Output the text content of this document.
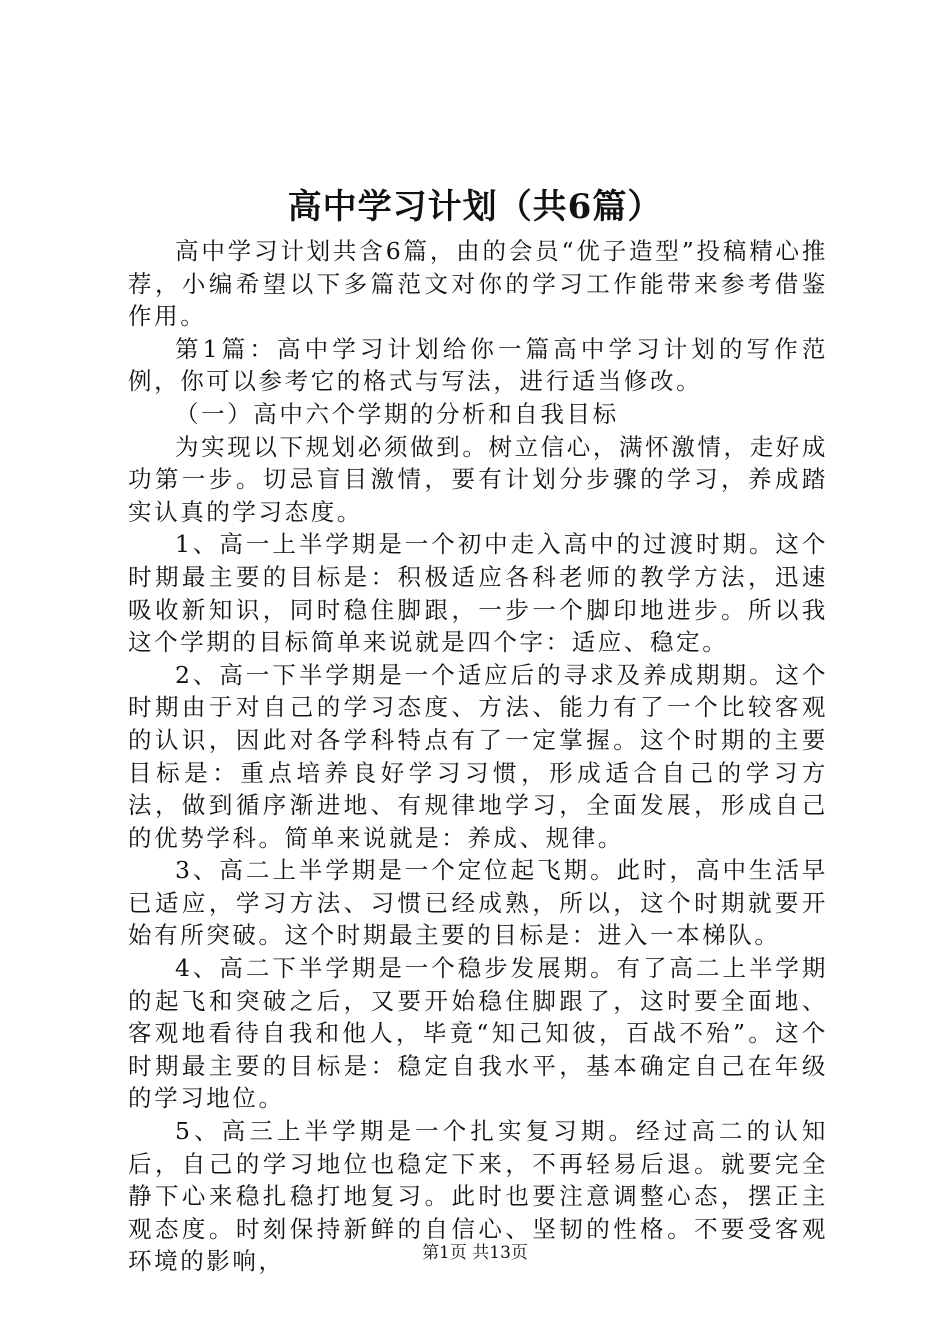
高中学习计划（共6篇）

高中学习计划共含6篇，由的会员“优子造型”投稿精心推荐，小编希望以下多篇范文对你的学习工作能带来参考借鉴作用。

第1篇：高中学习计划给你一篇高中学习计划的写作范例，你可以参考它的格式与写法，进行适当修改。

（一）高中六个学期的分析和自我目标

为实现以下规划必须做到。树立信心，满怀激情，走好成功第一步。切忌盲目激情，要有计划分步骤的学习，养成踏实认真的学习态度。

1、高一上半学期是一个初中走入高中的过渡时期。这个时期最主要的目标是：积极适应各科老师的教学方法，迅速吸收新知识，同时稳住脚跟，一步一个脚印地进步。所以我这个学期的目标简单来说就是四个字：适应、稳定。

2、高一下半学期是一个适应后的寻求及养成期期。这个时期由于对自己的学习态度、方法、能力有了一个比较客观的认识，因此对各学科特点有了一定掌握。这个时期的主要目标是：重点培养良好学习习惯，形成适合自己的学习方法，做到循序渐进地、有规律地学习，全面发展，形成自己的优势学科。简单来说就是：养成、规律。

3、高二上半学期是一个定位起飞期。此时，高中生活早已适应，学习方法、习惯已经成熟，所以，这个时期就要开始有所突破。这个时期最主要的目标是：进入一本梯队。

4、高二下半学期是一个稳步发展期。有了高二上半学期的起飞和突破之后，又要开始稳住脚跟了，这时要全面地、客观地看待自我和他人，毕竟“知己知彼，百战不殆”。这个时期最主要的目标是：稳定自我水平，基本确定自己在年级的学习地位。

5、高三上半学期是一个扎实复习期。经过高二的认知后，自己的学习地位也稳定下来，不再轻易后退。就要完全静下心来稳扎稳打地复习。此时也要注意调整心态，摆正主观态度。时刻保持新鲜的自信心、坚韧的性格。不要受客观环境的影响，	第1页 共13页
